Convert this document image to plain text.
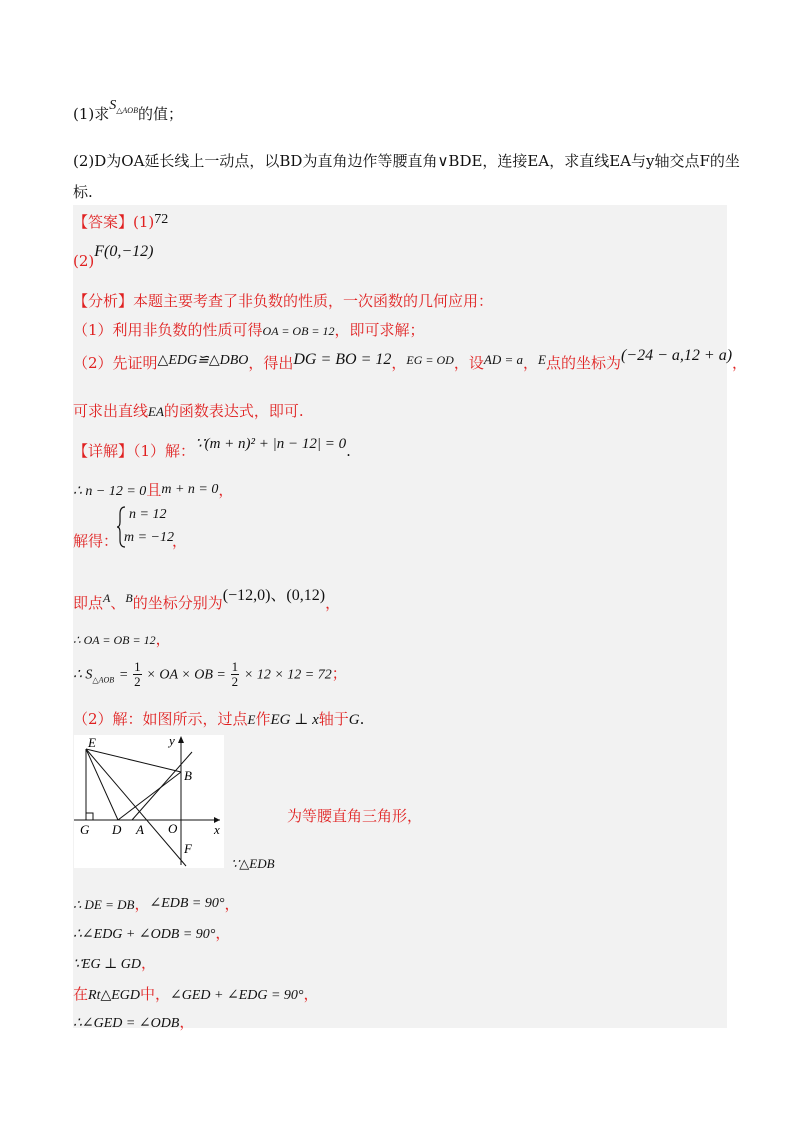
(1)求$S_{\triangle AOB}$的值；
(2)D为OA延长线上一动点，以BD为直角边作等腰直角∨BDE，连接EA，求直线EA与y轴交点F的坐
标.
【答案】(1)72
(2)F(0,−12)
【分析】本题主要考查了非负数的性质，一次函数的几何应用：
（1）利用非负数的性质可得OA = OB = 12，即可求解；
（2）先证明△EDG≌△DBO，得出DG = BO = 12，$^{EG = OD}$，设AD = a，E点的坐标为(−24 − a,12 + a)，
可求出直线EA的函数表达式，即可.
【详解】（1）解：∵(m + n)² + |n − 12| = 0.
∴ n − 12 = 0且m + n = 0，
解得：
n = 12
m = −12
，
即点$^A$、$^B$的坐标分别为(−12,0)、(0,12)，
∴ OA = OB = 12，
∴ $S_{\triangle AOB} = \frac{1}{2}$ × OA × OB = $\frac{1}{2} \times 12 \times 12 = 72$；
（2）解：如图所示，过点E作EG ⊥ x轴于G.
E	y
B
G D A O	x
F
为等腰直角三角形，
∵△EDB
∴ DE = DB，∠EDB = 90°，
∴∠EDG + ∠ODB = 90°，
∵EG ⊥ GD，
在Rt△EGD中，∠GED + ∠EDG = 90°，
∴∠GED = ∠ODB，
